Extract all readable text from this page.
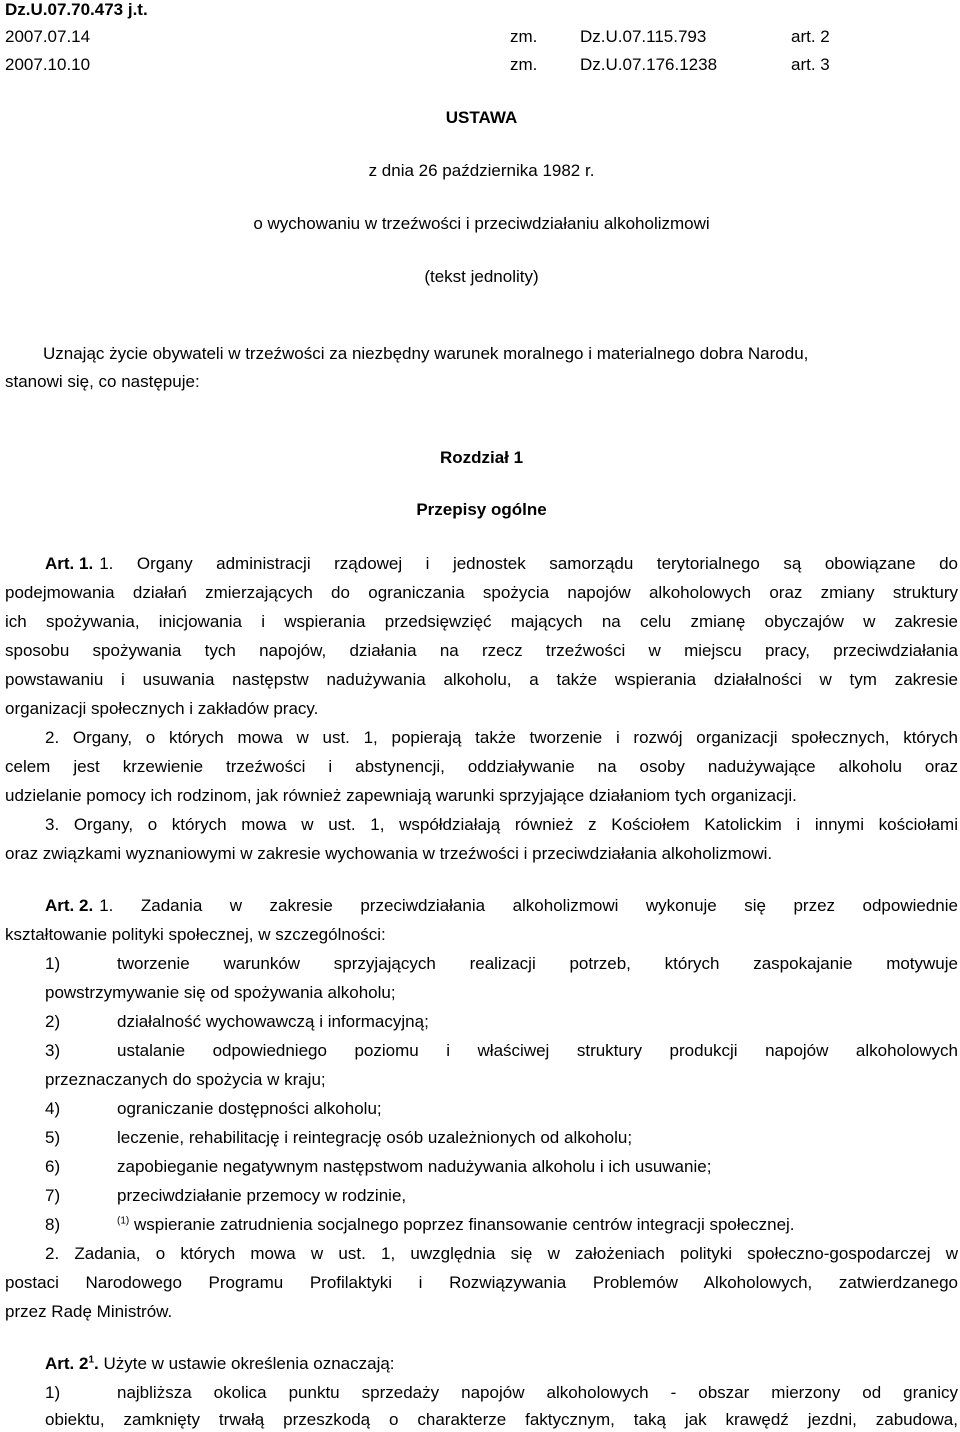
Dz.U.07.70.473 j.t.
2007.07.14	zm.	Dz.U.07.115.793	art. 2
2007.10.10	zm.	Dz.U.07.176.1238	art. 3
USTAWA
z dnia 26 października 1982 r.
o wychowaniu w trzeźwości i przeciwdziałaniu alkoholizmowi
(tekst jednolity)
Uznając życie obywateli w trzeźwości za niezbędny warunek moralnego i materialnego dobra Narodu,
stanowi się, co następuje:
Rozdział 1
Przepisy ogólne
Art. 1. 1. Organy administracji rządowej i jednostek samorządu terytorialnego są obowiązane do
podejmowania działań zmierzających do ograniczania spożycia napojów alkoholowych oraz zmiany struktury
ich spożywania, inicjowania i wspierania przedsięwzięć mających na celu zmianę obyczajów w zakresie
sposobu spożywania tych napojów, działania na rzecz trzeźwości w miejscu pracy, przeciwdziałania
powstawaniu i usuwania następstw nadużywania alkoholu, a także wspierania działalności w tym zakresie
organizacji społecznych i zakładów pracy.
2. Organy, o których mowa w ust. 1, popierają także tworzenie i rozwój organizacji społecznych, których
celem jest krzewienie trzeźwości i abstynencji, oddziaływanie na osoby nadużywające alkoholu oraz
udzielanie pomocy ich rodzinom, jak również zapewniają warunki sprzyjające działaniom tych organizacji.
3. Organy, o których mowa w ust. 1, współdziałają również z Kościołem Katolickim i innymi kościołami
oraz związkami wyznaniowymi w zakresie wychowania w trzeźwości i przeciwdziałania alkoholizmowi.
Art. 2. 1. Zadania w zakresie przeciwdziałania alkoholizmowi wykonuje się przez odpowiednie
kształtowanie polityki społecznej, w szczególności:
1)	tworzenie warunków sprzyjających realizacji potrzeb, których zaspokajanie motywuje
powstrzymywanie się od spożywania alkoholu;
2)	działalność wychowawczą i informacyjną;
3)	ustalanie odpowiedniego poziomu i właściwej struktury produkcji napojów alkoholowych
przeznaczanych do spożycia w kraju;
4)	ograniczanie dostępności alkoholu;
5)	leczenie, rehabilitację i reintegrację osób uzależnionych od alkoholu;
6)	zapobieganie negatywnym następstwom nadużywania alkoholu i ich usuwanie;
7)	przeciwdziałanie przemocy w rodzinie,
8)	$^{(1)}$ wspieranie zatrudnienia socjalnego poprzez finansowanie centrów integracji społecznej.
2. Zadania, o których mowa w ust. 1, uwzględnia się w założeniach polityki społeczno-gospodarczej w
postaci Narodowego Programu Profilaktyki i Rozwiązywania Problemów Alkoholowych, zatwierdzanego
przez Radę Ministrów.
Art. $2^1$. Użyte w ustawie określenia oznaczają:
1)	najbliższa okolica punktu sprzedaży napojów alkoholowych - obszar mierzony od granicy
obiektu, zamknięty trwałą przeszkodą o charakterze faktycznym, taką jak krawędź jezdni, zabudowa,
